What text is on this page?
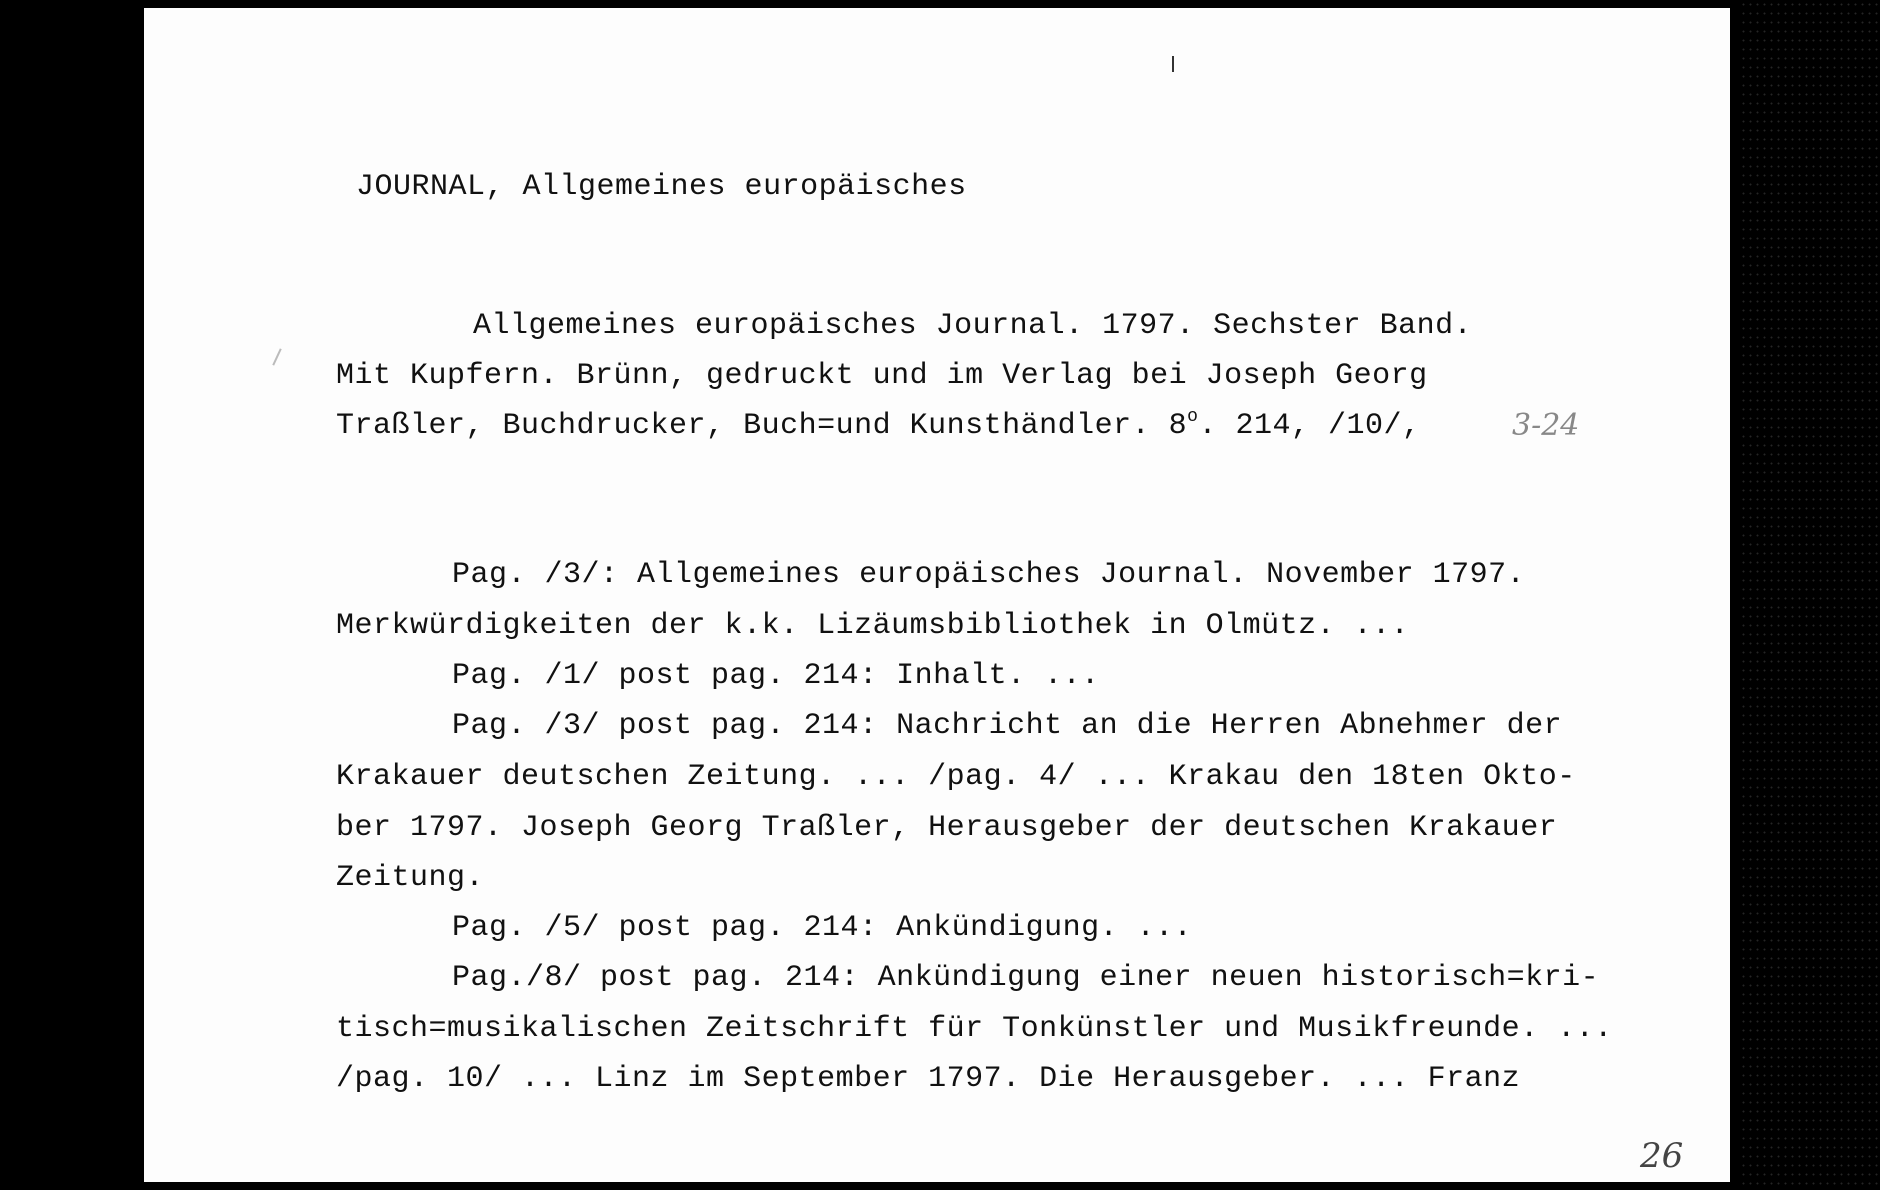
JOURNAL, Allgemeines europäisches
Allgemeines europäisches Journal. 1797. Sechster Band.
Mit Kupfern. Brünn, gedruckt und im Verlag bei Joseph Georg
Traßler, Buchdrucker, Buch=und Kunsthändler. 8$^o$. 214, /10/,	3-24
Pag. /3/: Allgemeines europäisches Journal. November 1797.
Merkwürdigkeiten der k.k. Lizäumsbibliothek in Olmütz. ...
Pag. /1/ post pag. 214: Inhalt. ...
Pag. /3/ post pag. 214: Nachricht an die Herren Abnehmer der
Krakauer deutschen Zeitung. ... /pag. 4/ ... Krakau den 18ten Okto-
ber 1797. Joseph Georg Traßler, Herausgeber der deutschen Krakauer
Zeitung.
Pag. /5/ post pag. 214: Ankündigung. ...
Pag./8/ post pag. 214: Ankündigung einer neuen historisch=kri-
tisch=musikalischen Zeitschrift für Tonkünstler und Musikfreunde. ...
/pag. 10/ ... Linz im September 1797. Die Herausgeber. ... Franz
26
